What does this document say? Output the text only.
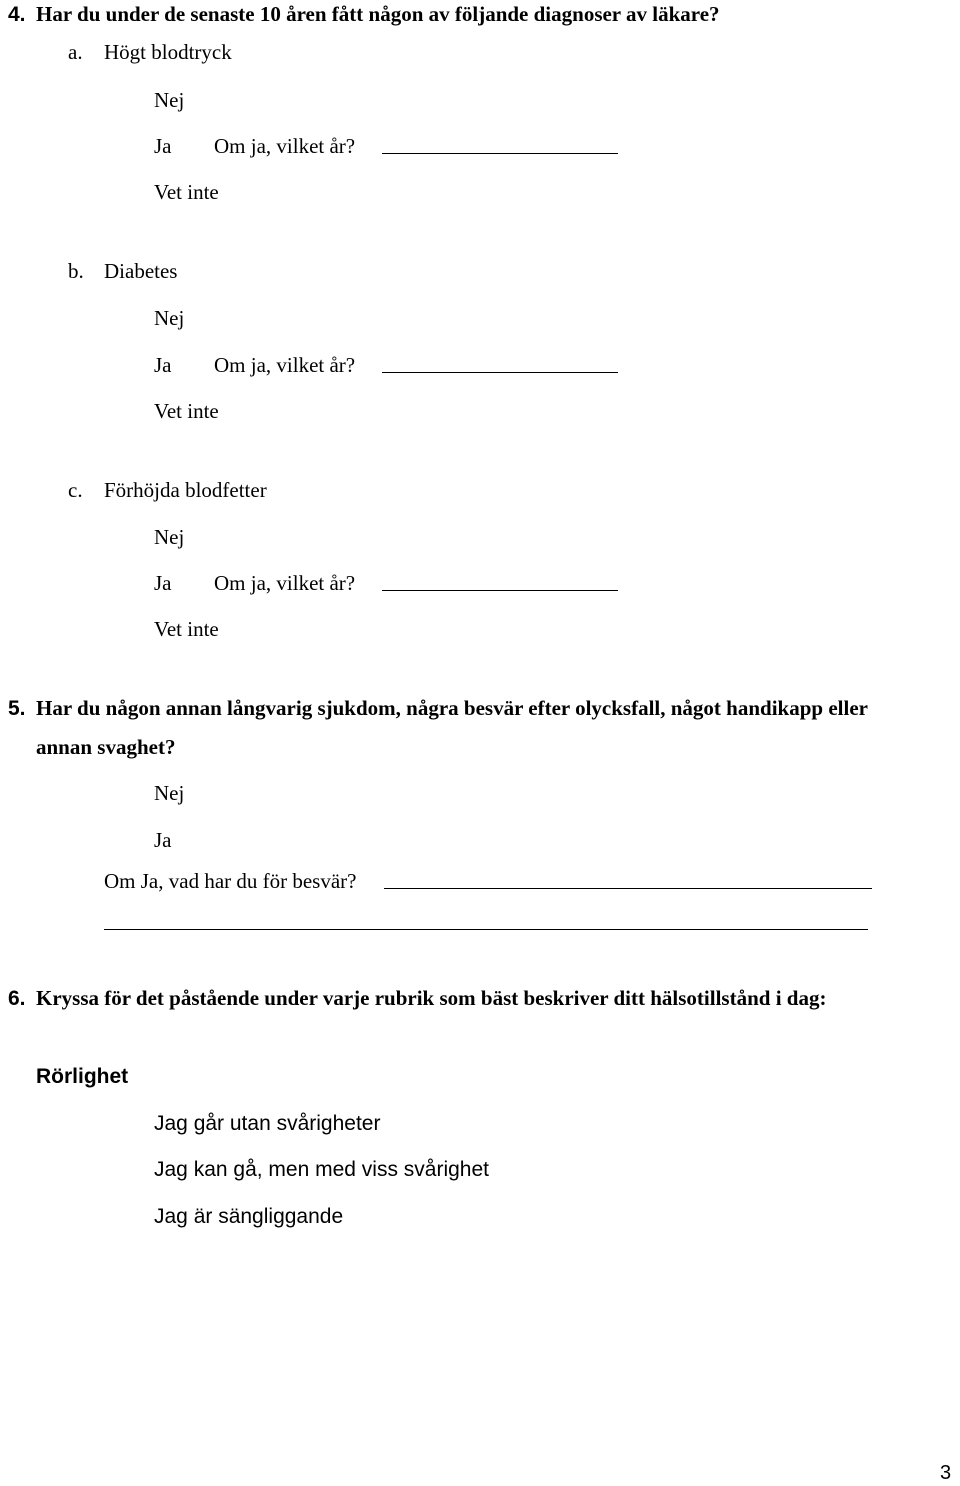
4. Har du under de senaste 10 åren fått någon av följande diagnoser av läkare?
a. Högt blodtryck
Nej
Ja Om ja, vilket år?
Vet inte
b. Diabetes
Nej
Ja Om ja, vilket år?
Vet inte
c. Förhöjda blodfetter
Nej
Ja Om ja, vilket år?
Vet inte
5. Har du någon annan långvarig sjukdom, några besvär efter olycksfall, något handikapp eller
annan svaghet?
Nej
Ja
Om Ja, vad har du för besvär?
6. Kryssa för det påstående under varje rubrik som bäst beskriver ditt hälsotillstånd i dag:
Rörlighet
Jag går utan svårigheter
Jag kan gå, men med viss svårighet
Jag är sängliggande
3
